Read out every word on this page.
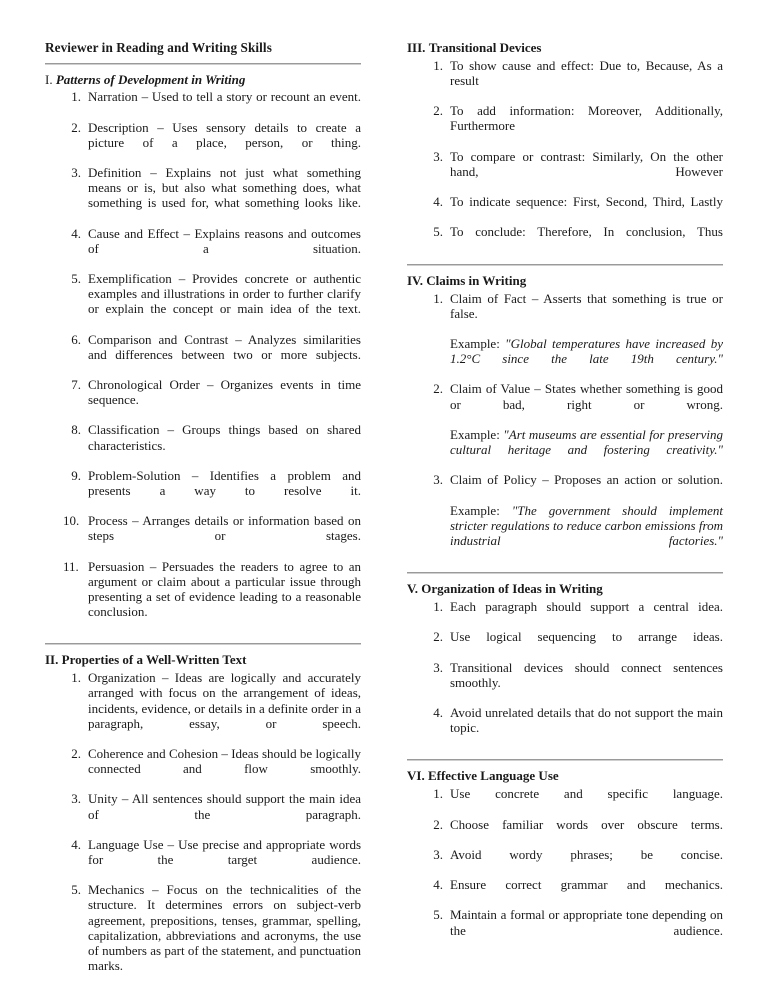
Reviewer in Reading and Writing Skills
I. Patterns of Development in Writing
1. Narration – Used to tell a story or recount an event.
2. Description – Uses sensory details to create a picture of a place, person, or thing.
3. Definition – Explains not just what something means or is, but also what something does, what something is used for, what something looks like.
4. Cause and Effect – Explains reasons and outcomes of a situation.
5. Exemplification – Provides concrete or authentic examples and illustrations in order to further clarify or explain the concept or main idea of the text.
6. Comparison and Contrast – Analyzes similarities and differences between two or more subjects.
7. Chronological Order – Organizes events in time sequence.
8. Classification – Groups things based on shared characteristics.
9. Problem-Solution – Identifies a problem and presents a way to resolve it.
10. Process – Arranges details or information based on steps or stages.
11. Persuasion – Persuades the readers to agree to an argument or claim about a particular issue through presenting a set of evidence leading to a reasonable conclusion.
II. Properties of a Well-Written Text
1. Organization – Ideas are logically and accurately arranged with focus on the arrangement of ideas, incidents, evidence, or details in a definite order in a paragraph, essay, or speech.
2. Coherence and Cohesion – Ideas should be logically connected and flow smoothly.
3. Unity – All sentences should support the main idea of the paragraph.
4. Language Use – Use precise and appropriate words for the target audience.
5. Mechanics – Focus on the technicalities of the structure. It determines errors on subject-verb agreement, prepositions, tenses, grammar, spelling, capitalization, abbreviations and acronyms, the use of numbers as part of the statement, and punctuation marks.
III. Transitional Devices
1. To show cause and effect: Due to, Because, As a result
2. To add information: Moreover, Additionally, Furthermore
3. To compare or contrast: Similarly, On the other hand, However
4. To indicate sequence: First, Second, Third, Lastly
5. To conclude: Therefore, In conclusion, Thus
IV. Claims in Writing
1. Claim of Fact – Asserts that something is true or false.
Example: "Global temperatures have increased by 1.2°C since the late 19th century."
2. Claim of Value – States whether something is good or bad, right or wrong.
Example: "Art museums are essential for preserving cultural heritage and fostering creativity."
3. Claim of Policy – Proposes an action or solution.
Example: "The government should implement stricter regulations to reduce carbon emissions from industrial factories."
V. Organization of Ideas in Writing
1. Each paragraph should support a central idea.
2. Use logical sequencing to arrange ideas.
3. Transitional devices should connect sentences smoothly.
4. Avoid unrelated details that do not support the main topic.
VI. Effective Language Use
1. Use concrete and specific language.
2. Choose familiar words over obscure terms.
3. Avoid wordy phrases; be concise.
4. Ensure correct grammar and mechanics.
5. Maintain a formal or appropriate tone depending on the audience.
